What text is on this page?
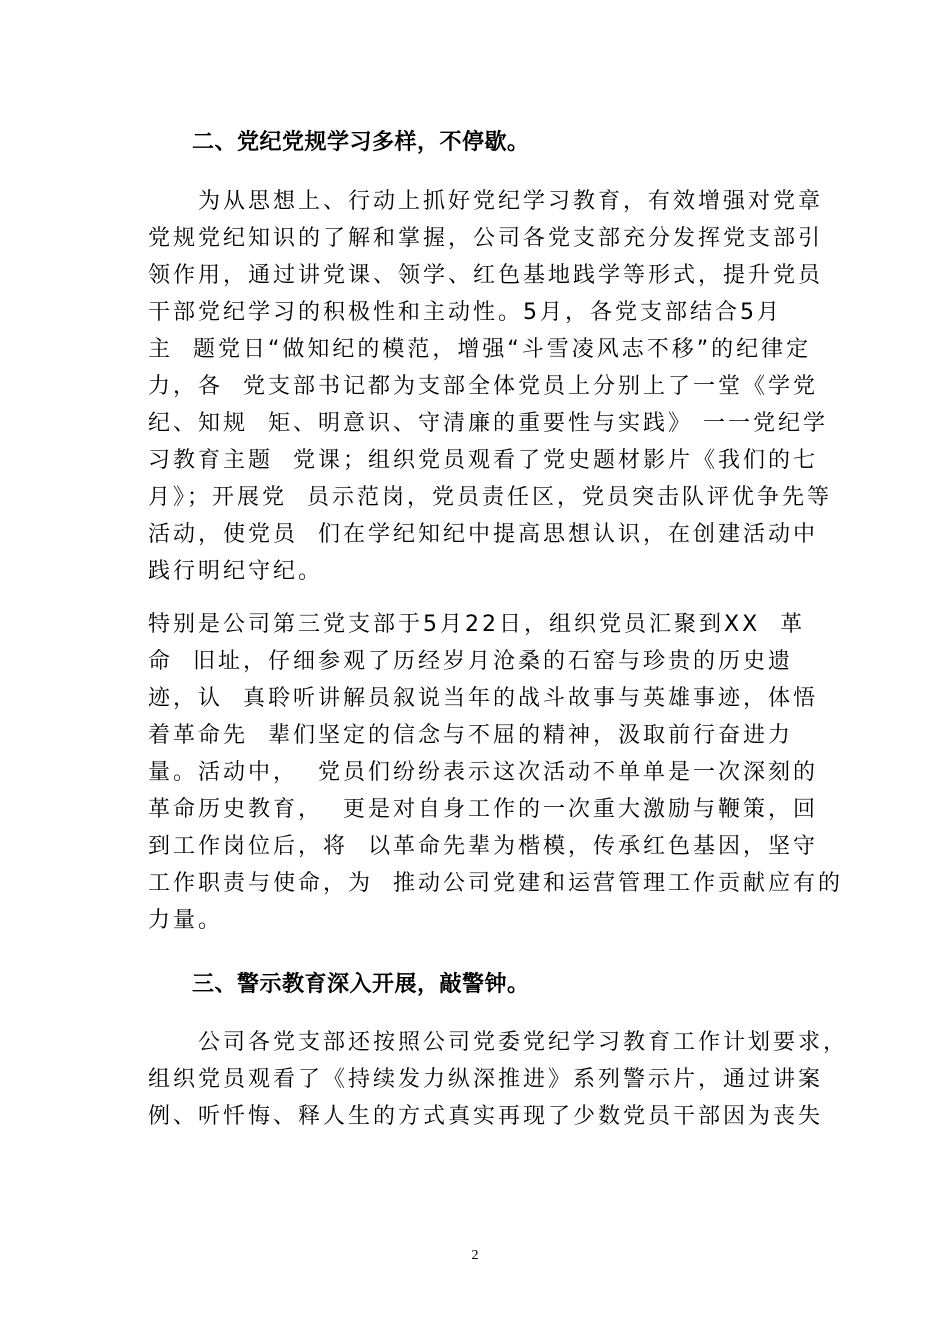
二、党纪党规学习多样，不停歇。
为从思想上、行动上抓好党纪学习教育，有效增强对党章
党规党纪知识的了解和掌握，公司各党支部充分发挥党支部引
领作用，通过讲党课、领学、红色基地践学等形式，提升党员
干部党纪学习的积极性和主动性。5月，各党支部结合5月
主  题党日“做知纪的模范，增强“斗雪凌风志不移”的纪律定
力，各  党支部书记都为支部全体党员上分别上了一堂《学党
纪、知规  矩、明意识、守清廉的重要性与实践》 一一党纪学
习教育主题  党课；组织党员观看了党史题材影片《我们的七
月》；开展党  员示范岗，党员责任区，党员突击队评优争先等
活动，使党员  们在学纪知纪中提高思想认识，在创建活动中
践行明纪守纪。
特别是公司第三党支部于5月22日，组织党员汇聚到XX  革
命  旧址，仔细参观了历经岁月沧桑的石窑与珍贵的历史遗
迹，认  真聆听讲解员叙说当年的战斗故事与英雄事迹，体悟
着革命先  辈们坚定的信念与不屈的精神，汲取前行奋进力
量。活动中，  党员们纷纷表示这次活动不单单是一次深刻的
革命历史教育，  更是对自身工作的一次重大激励与鞭策，回
到工作岗位后，将  以革命先辈为楷模，传承红色基因，坚守
工作职责与使命，为  推动公司党建和运营管理工作贡献应有的
力量。
三、警示教育深入开展，敲警钟。
公司各党支部还按照公司党委党纪学习教育工作计划要求，
组织党员观看了《持续发力纵深推进》系列警示片，通过讲案
例、听忏悔、释人生的方式真实再现了少数党员干部因为丧失
2
